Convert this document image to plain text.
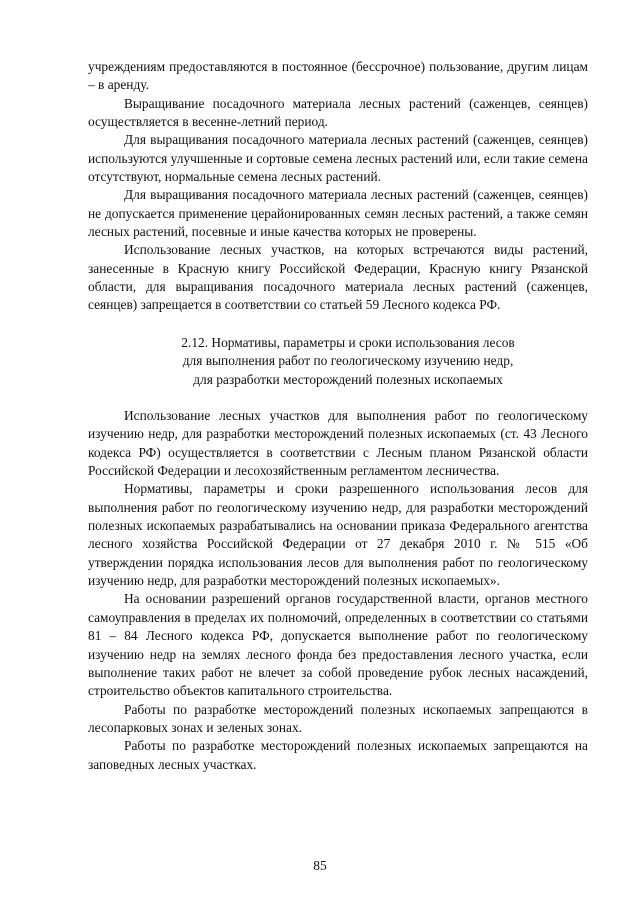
учреждениям предоставляются в постоянное (бессрочное) пользование, другим лицам – в аренду.

Выращивание посадочного материала лесных растений (саженцев, сеянцев) осуществляется в весенне-летний период.

Для выращивания посадочного материала лесных растений (саженцев, сеянцев) используются улучшенные и сортовые семена лесных растений или, если такие семена отсутствуют, нормальные семена лесных растений.

Для выращивания посадочного материала лесных растений (саженцев, сеянцев) не допускается применение церайонированных семян лесных растений, а также семян лесных растений, посевные и иные качества которых не проверены.

Использование лесных участков, на которых встречаются виды растений, занесенные в Красную книгу Российской Федерации, Красную книгу Рязанской области, для выращивания посадочного материала лесных растений (саженцев, сеянцев) запрещается в соответствии со статьей 59 Лесного кодекса РФ.

2.12. Нормативы, параметры и сроки использования лесов
для выполнения работ по геологическому изучению недр,
для разработки месторождений полезных ископаемых

Использование лесных участков для выполнения работ по геологическому изучению недр, для разработки месторождений полезных ископаемых (ст. 43 Лесного кодекса РФ) осуществляется в соответствии с Лесным планом Рязанской области Российской Федерации и лесохозяйственным регламентом лесничества.

Нормативы, параметры и сроки разрешенного использования лесов для выполнения работ по геологическому изучению недр, для разработки месторождений полезных ископаемых разрабатывались на основании приказа Федерального агентства лесного хозяйства Российской Федерации от 27 декабря 2010 г. № 515 «Об утверждении порядка использования лесов для выполнения работ по геологическому изучению недр, для разработки месторождений полезных ископаемых».

На основании разрешений органов государственной власти, органов местного самоуправления в пределах их полномочий, определенных в соответствии со статьями 81 – 84 Лесного кодекса РФ, допускается выполнение работ по геологическому изучению недр на землях лесного фонда без предоставления лесного участка, если выполнение таких работ не влечет за собой проведение рубок лесных насаждений, строительство объектов капитального строительства.

Работы по разработке месторождений полезных ископаемых запрещаются в лесопарковых зонах и зеленых зонах.

Работы по разработке месторождений полезных ископаемых запрещаются на заповедных лесных участках.

85
